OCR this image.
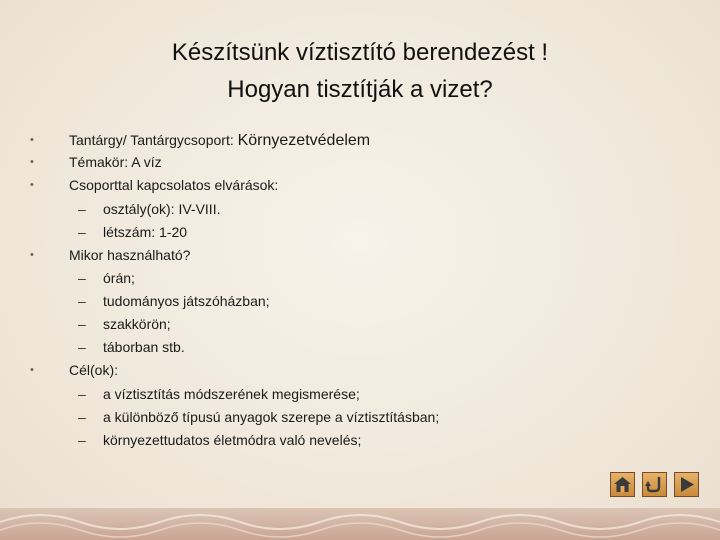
Készítsünk víztisztító berendezést !
Hogyan tisztítják a vizet?
•	Tantárgy/ Tantárgycsoport: Környezetvédelem
•	Témakör: A víz
•	Csoporttal kapcsolatos elvárások:
– osztály(ok): IV-VIII.
– létszám: 1-20
•	Mikor használható?
– órán;
– tudományos játszóházban;
– szakkörön;
– táborban stb.
•	Cél(ok):
– a víztisztítás módszerének megismerése;
– a különböző típusú anyagok szerepe a víztisztításban;
– környezettudatos életmódra való nevelés;
